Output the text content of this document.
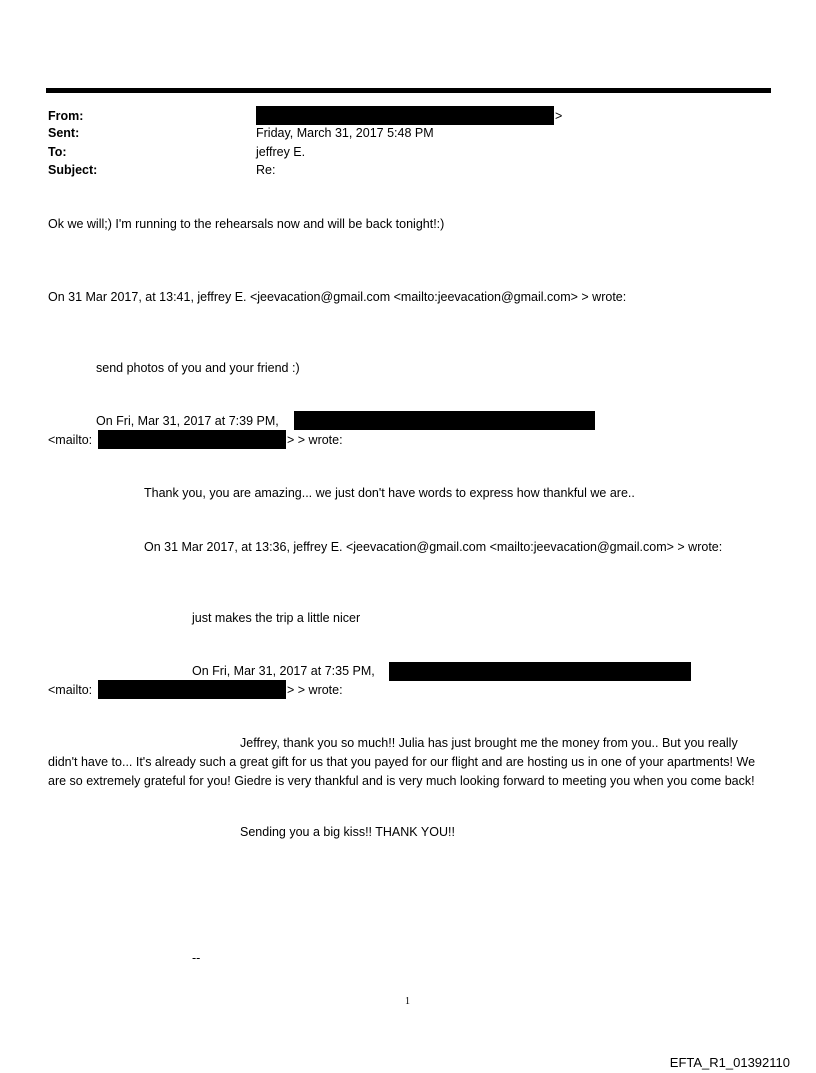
From:	>
Sent:	Friday, March 31, 2017 5:48 PM
To:	jeffrey E.
Subject:	Re:
Ok we will;) I'm running to the rehearsals now and will be back tonight!:)
On 31 Mar 2017, at 13:41, jeffrey E. <jeevacation@gmail.com <mailto:jeevacation@gmail.com> > wrote:
send photos of you and your friend :)
On Fri, Mar 31, 2017 at 7:39 PM,
<mailto:	> > wrote:
Thank you, you are amazing... we just don't have words to express how thankful we are..
On 31 Mar 2017, at 13:36, jeffrey E. <jeevacation@gmail.com <mailto:jeevacation@gmail.com> > wrote:
just makes the trip a little nicer
On Fri, Mar 31, 2017 at 7:35 PM,
<mailto:	> > wrote:
Jeffrey, thank you so much!! Julia has just brought me the money from you.. But you really didn't have to... It's already such a great gift for us that you payed for our flight and are hosting us in one of your apartments! We are so extremely grateful for you! Giedre is very thankful and is very much looking forward to meeting you when you come back!
Sending you a big kiss!! THANK YOU!!
--
1
EFTA_R1_01392110
